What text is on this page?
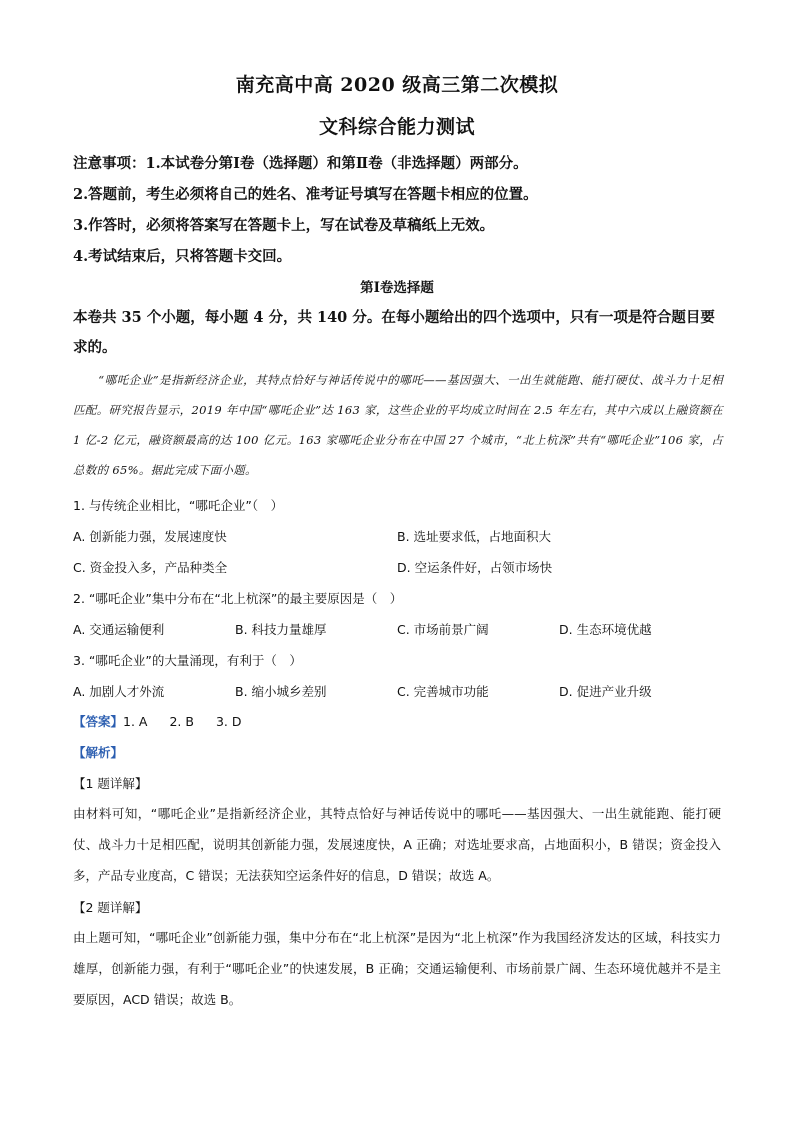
南充高中高 2020 级高三第二次模拟
文科综合能力测试
注意事项：1.本试卷分第Ⅰ卷（选择题）和第Ⅱ卷（非选择题）两部分。
2.答题前，考生必须将自己的姓名、准考证号填写在答题卡相应的位置。
3.作答时，必须将答案写在答题卡上，写在试卷及草稿纸上无效。
4.考试结束后，只将答题卡交回。
第Ⅰ卷选择题
本卷共 35 个小题，每小题 4 分，共 140 分。在每小题给出的四个选项中，只有一项是符合题目要求的。
“哪吒企业”是指新经济企业，其特点恰好与神话传说中的哪吒——基因强大、一出生就能跑、能打硬仗、战斗力十足相匹配。研究报告显示，2019 年中国“哪吒企业”达 163 家，这些企业的平均成立时间在 2.5 年左右，其中六成以上融资额在 1 亿-2 亿元，融资额最高的达 100 亿元。163 家哪吒企业分布在中国 27 个城市，“北上杭深”共有“哪吒企业”106 家，占总数的 65%。据此完成下面小题。
1. 与传统企业相比，“哪吒企业”（　）
A. 创新能力强，发展速度快	B. 选址要求低，占地面积大
C. 资金投入多，产品种类全	D. 空运条件好，占领市场快
2. “哪吒企业”集中分布在“北上杭深”的最主要原因是（　）
A. 交通运输便利	B. 科技力量雄厚	C. 市场前景广阔	D. 生态环境优越
3. “哪吒企业”的大量涌现，有利于（　）
A. 加剧人才外流	B. 缩小城乡差别	C. 完善城市功能	D. 促进产业升级
【答案】1. A 2. B 3. D
【解析】
【1 题详解】
由材料可知，“哪吒企业”是指新经济企业，其特点恰好与神话传说中的哪吒——基因强大、一出生就能跑、能打硬仗、战斗力十足相匹配，说明其创新能力强，发展速度快，A 正确；对选址要求高，占地面积小，B 错误；资金投入多，产品专业度高，C 错误；无法获知空运条件好的信息，D 错误；故选 A。
【2 题详解】
由上题可知，“哪吒企业”创新能力强，集中分布在“北上杭深”是因为“北上杭深”作为我国经济发达的区域，科技实力雄厚，创新能力强，有利于“哪吒企业”的快速发展，B 正确；交通运输便利、市场前景广阔、生态环境优越并不是主要原因，ACD 错误；故选 B。
